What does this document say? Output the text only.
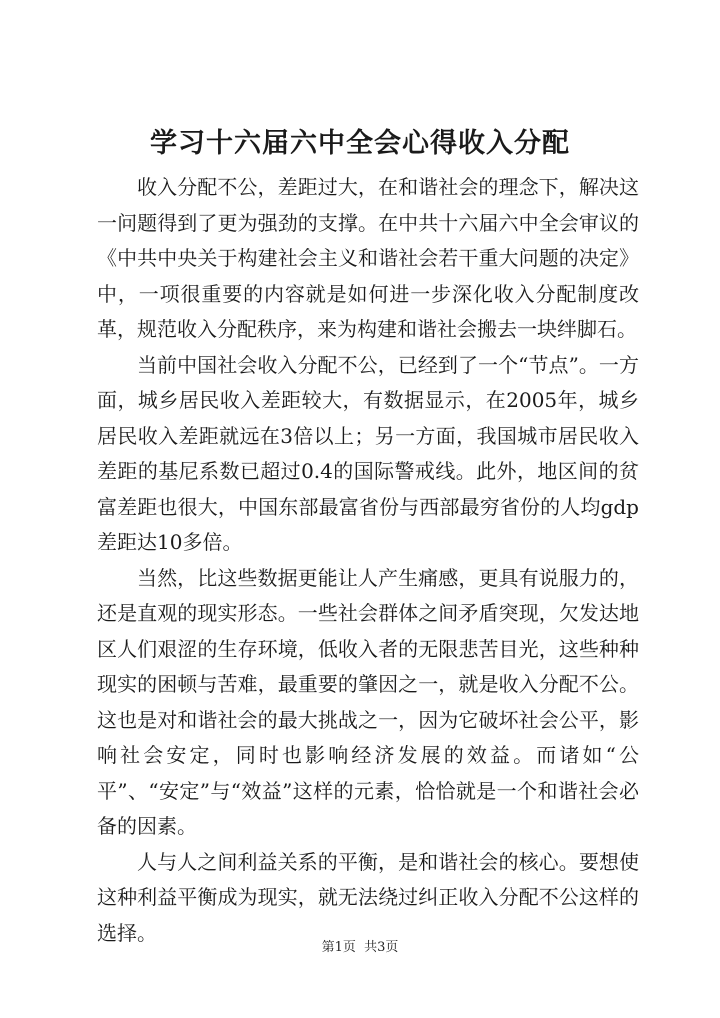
学习十六届六中全会心得收入分配

收入分配不公，差距过大，在和谐社会的理念下，解决这一问题得到了更为强劲的支撑。在中共十六届六中全会审议的《中共中央关于构建社会主义和谐社会若干重大问题的决定》中，一项很重要的内容就是如何进一步深化收入分配制度改革，规范收入分配秩序，来为构建和谐社会搬去一块绊脚石。

当前中国社会收入分配不公，已经到了一个“节点”。一方面，城乡居民收入差距较大，有数据显示，在2005年，城乡居民收入差距就远在3倍以上；另一方面，我国城市居民收入差距的基尼系数已超过0.4的国际警戒线。此外，地区间的贫富差距也很大，中国东部最富省份与西部最穷省份的人均gdp差距达10多倍。

当然，比这些数据更能让人产生痛感，更具有说服力的，还是直观的现实形态。一些社会群体之间矛盾突现，欠发达地区人们艰涩的生存环境，低收入者的无限悲苦目光，这些种种现实的困顿与苦难，最重要的肇因之一，就是收入分配不公。这也是对和谐社会的最大挑战之一，因为它破坏社会公平，影响社会安定，同时也影响经济发展的效益。而诸如“公平”、“安定”与“效益”这样的元素，恰恰就是一个和谐社会必备的因素。

人与人之间利益关系的平衡，是和谐社会的核心。要想使这种利益平衡成为现实，就无法绕过纠正收入分配不公这样的选择。

第1页  共3页
